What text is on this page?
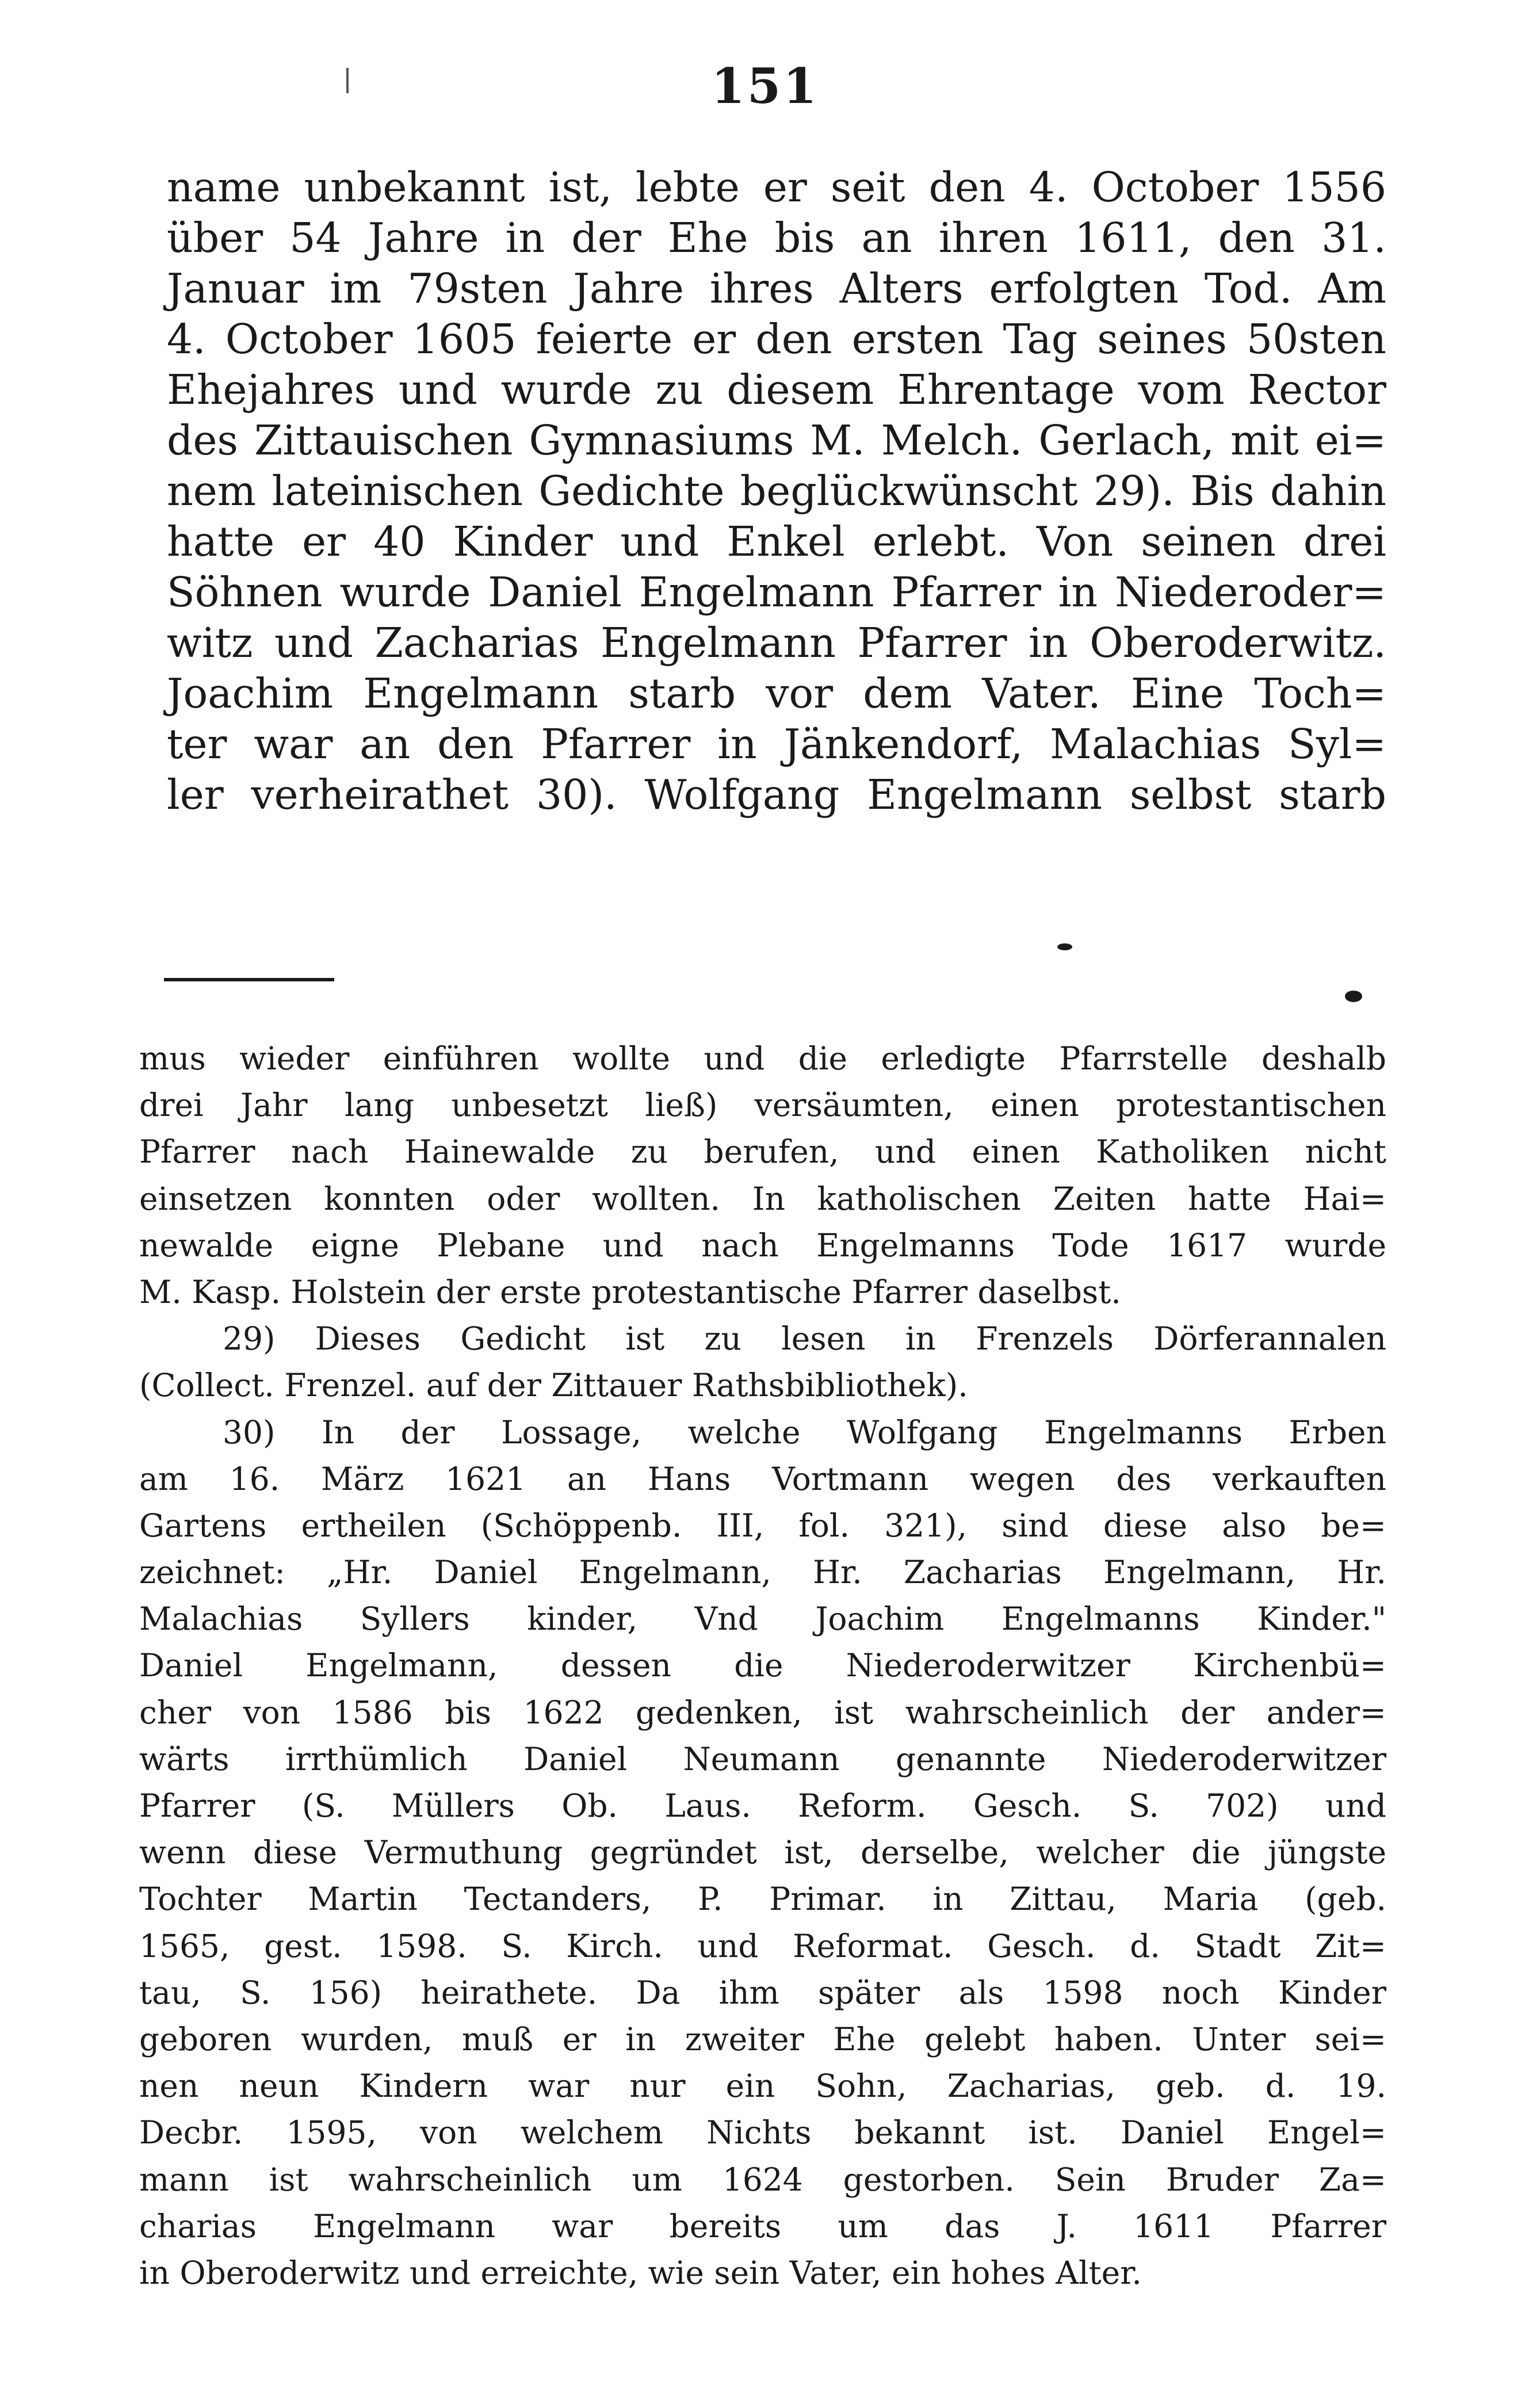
151
name unbekannt ist, lebte er seit den 4. October 1556
über 54 Jahre in der Ehe bis an ihren 1611, den 31.
Januar im 79sten Jahre ihres Alters erfolgten Tod. Am
4. October 1605 feierte er den ersten Tag seines 50sten
Ehejahres und wurde zu diesem Ehrentage vom Rector
des Zittauischen Gymnasiums M. Melch. Gerlach, mit ei=
nem lateinischen Gedichte beglückwünscht 29). Bis dahin
hatte er 40 Kinder und Enkel erlebt. Von seinen drei
Söhnen wurde Daniel Engelmann Pfarrer in Niederoder=
witz und Zacharias Engelmann Pfarrer in Oberoderwitz.
Joachim Engelmann starb vor dem Vater. Eine Toch=
ter war an den Pfarrer in Jänkendorf, Malachias Syl=
ler verheirathet 30). Wolfgang Engelmann selbst starb
mus wieder einführen wollte und die erledigte Pfarrstelle deshalb
drei Jahr lang unbesetzt ließ) versäumten, einen protestantischen
Pfarrer nach Hainewalde zu berufen, und einen Katholiken nicht
einsetzen konnten oder wollten. In katholischen Zeiten hatte Hai=
newalde eigne Plebane und nach Engelmanns Tode 1617 wurde
M. Kasp. Holstein der erste protestantische Pfarrer daselbst.
29) Dieses Gedicht ist zu lesen in Frenzels Dörferannalen
(Collect. Frenzel. auf der Zittauer Rathsbibliothek).
30) In der Lossage, welche Wolfgang Engelmanns Erben
am 16. März 1621 an Hans Vortmann wegen des verkauften
Gartens ertheilen (Schöppenb. III, fol. 321), sind diese also be=
zeichnet: „Hr. Daniel Engelmann, Hr. Zacharias Engelmann, Hr.
Malachias Syllers kinder, Vnd Joachim Engelmanns Kinder."
Daniel Engelmann, dessen die Niederoderwitzer Kirchenbü=
cher von 1586 bis 1622 gedenken, ist wahrscheinlich der ander=
wärts irrthümlich Daniel Neumann genannte Niederoderwitzer
Pfarrer (S. Müllers Ob. Laus. Reform. Gesch. S. 702) und
wenn diese Vermuthung gegründet ist, derselbe, welcher die jüngste
Tochter Martin Tectanders, P. Primar. in Zittau, Maria (geb.
1565, gest. 1598. S. Kirch. und Reformat. Gesch. d. Stadt Zit=
tau, S. 156) heirathete. Da ihm später als 1598 noch Kinder
geboren wurden, muß er in zweiter Ehe gelebt haben. Unter sei=
nen neun Kindern war nur ein Sohn, Zacharias, geb. d. 19.
Decbr. 1595, von welchem Nichts bekannt ist. Daniel Engel=
mann ist wahrscheinlich um 1624 gestorben. Sein Bruder Za=
charias Engelmann war bereits um das J. 1611 Pfarrer
in Oberoderwitz und erreichte, wie sein Vater, ein hohes Alter.
